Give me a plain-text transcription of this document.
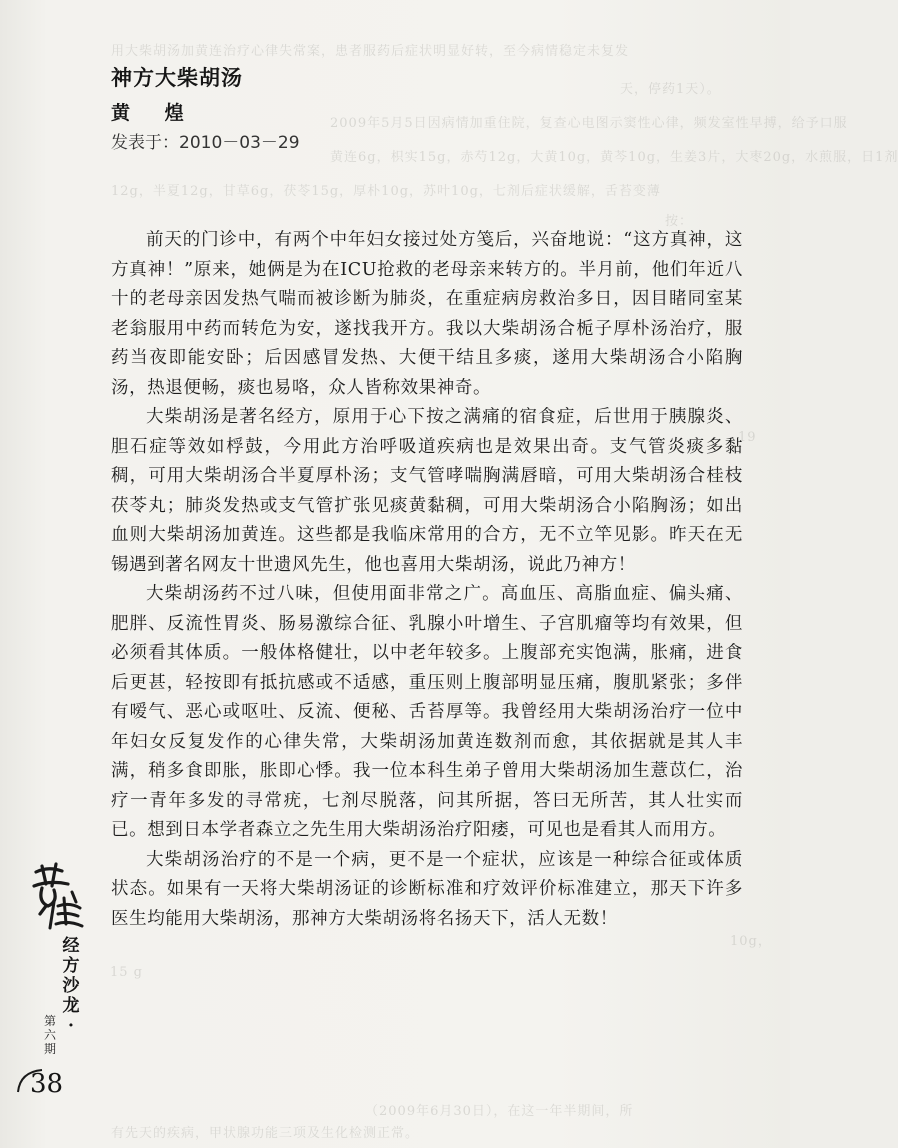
用大柴胡汤加黄连治疗心律失常案，患者服药后症状明显好转，至今病情稳定未复发
天，停药1天）。
2009年5月5日因病情加重住院，复查心电图示窦性心律，频发室性早搏，给予口服
黄连6g，枳实15g，赤芍12g，大黄10g，黄芩10g，生姜3片，大枣20g，水煎服，日1剂
12g，半夏12g，甘草6g，茯苓15g，厚朴10g，苏叶10g，七剂后症状缓解，舌苔变薄
按：
19
10g，
15 g
（2009年6月30日），在这一年半期间，所
有先天的疾病，甲状腺功能三项及生化检测正常。
神方大柴胡汤
黄 煌
发表于：2010－03－29

前天的门诊中，有两个中年妇女接过处方笺后，兴奋地说：“这方真神，这方真神！”原来，她俩是为在ICU抢救的老母亲来转方的。半月前，他们年近八十的老母亲因发热气喘而被诊断为肺炎，在重症病房救治多日，因目睹同室某老翁服用中药而转危为安，遂找我开方。我以大柴胡汤合栀子厚朴汤治疗，服药当夜即能安卧；后因感冒发热、大便干结且多痰，遂用大柴胡汤合小陷胸汤，热退便畅，痰也易咯，众人皆称效果神奇。

大柴胡汤是著名经方，原用于心下按之满痛的宿食症，后世用于胰腺炎、胆石症等效如桴鼓，今用此方治呼吸道疾病也是效果出奇。支气管炎痰多黏稠，可用大柴胡汤合半夏厚朴汤；支气管哮喘胸满唇暗，可用大柴胡汤合桂枝茯苓丸；肺炎发热或支气管扩张见痰黄黏稠，可用大柴胡汤合小陷胸汤；如出血则大柴胡汤加黄连。这些都是我临床常用的合方，无不立竿见影。昨天在无锡遇到著名网友十世遗风先生，他也喜用大柴胡汤，说此乃神方！

大柴胡汤药不过八味，但使用面非常之广。高血压、高脂血症、偏头痛、肥胖、反流性胃炎、肠易激综合征、乳腺小叶增生、子宫肌瘤等均有效果，但必须看其体质。一般体格健壮，以中老年较多。上腹部充实饱满，胀痛，进食后更甚，轻按即有抵抗感或不适感，重压则上腹部明显压痛，腹肌紧张；多伴有嗳气、恶心或呕吐、反流、便秘、舌苔厚等。我曾经用大柴胡汤治疗一位中年妇女反复发作的心律失常，大柴胡汤加黄连数剂而愈，其依据就是其人丰满，稍多食即胀，胀即心悸。我一位本科生弟子曾用大柴胡汤加生薏苡仁，治疗一青年多发的寻常疣，七剂尽脱落，问其所据，答曰无所苦，其人壮实而已。想到日本学者森立之先生用大柴胡汤治疗阳痿，可见也是看其人而用方。

大柴胡汤治疗的不是一个病，更不是一个症状，应该是一种综合征或体质状态。如果有一天将大柴胡汤证的诊断标准和疗效评价标准建立，那天下许多医生均能用大柴胡汤，那神方大柴胡汤将名扬天下，活人无数！

经方沙龙·
第六期
38
